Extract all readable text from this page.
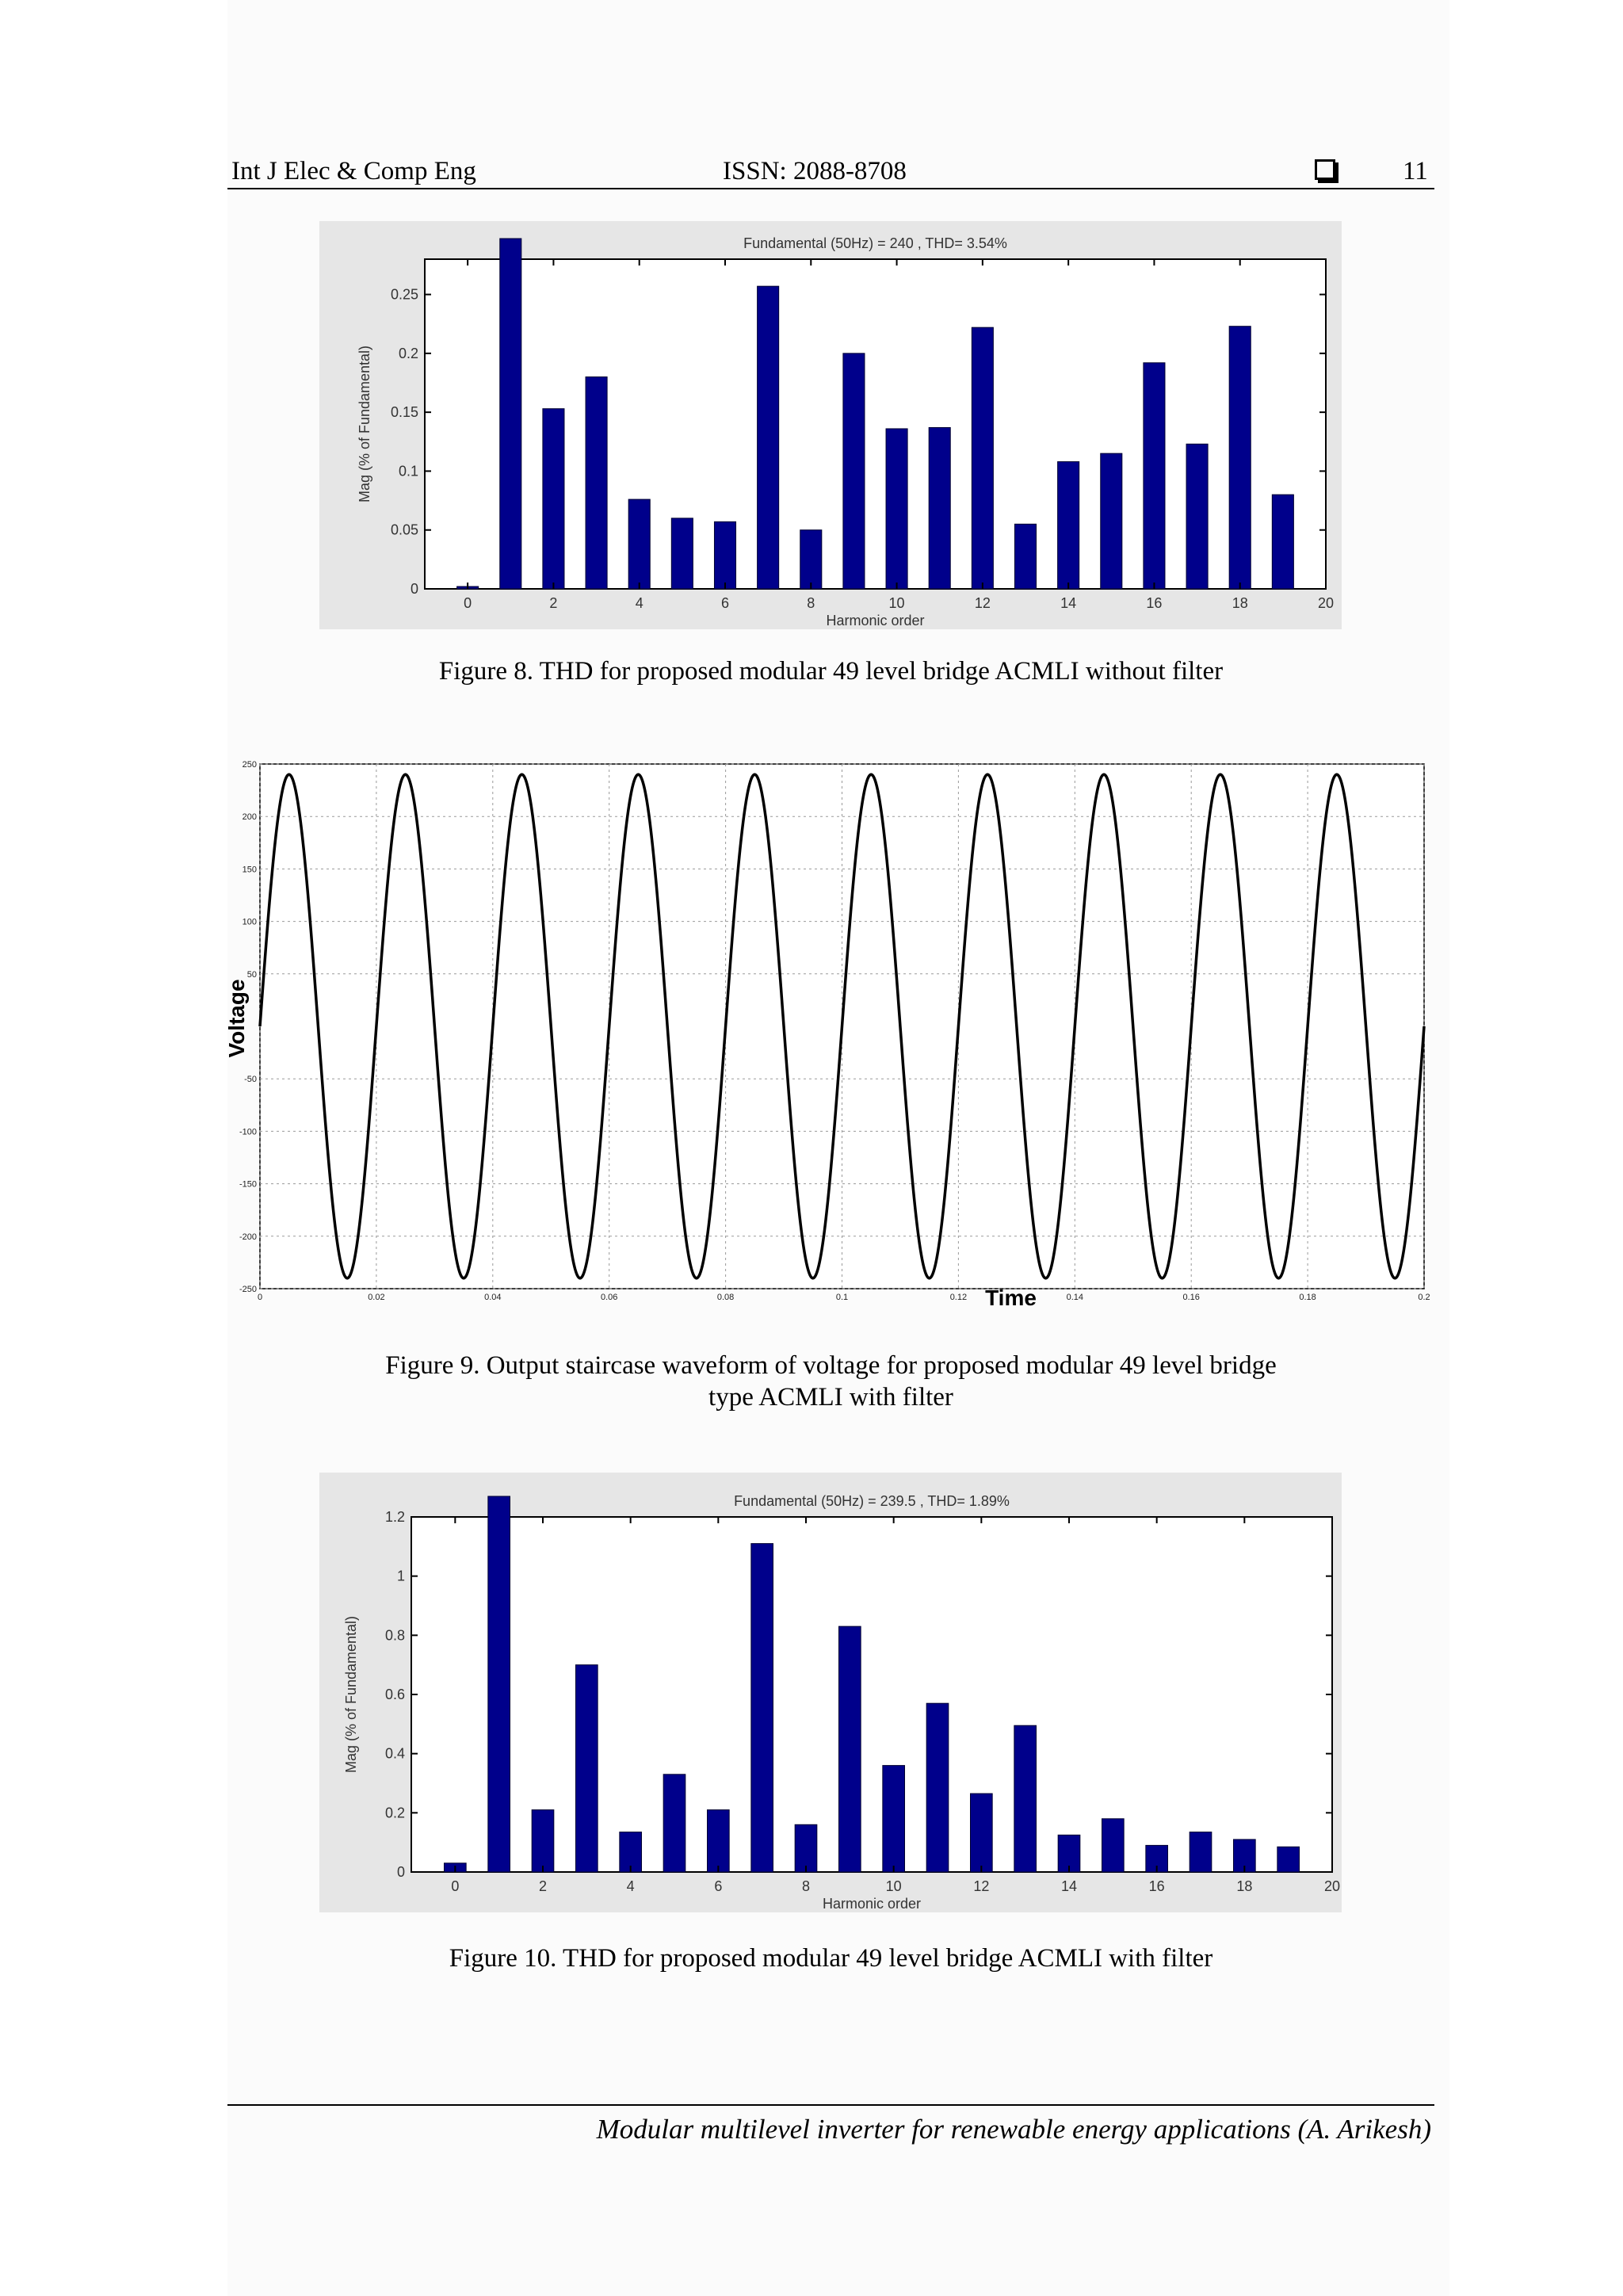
Int J Elec & Comp Eng	ISSN: 2088-8708	11
0	2	4	6	8	10	12	14	16	18	20
0
0.05
0.1
0.15
0.2
0.25
Fundamental (50Hz) = 240 , THD= 3.54%
Harmonic order
Mag (% of Fundamental)
Figure 8. THD for proposed modular 49 level bridge ACMLI without filter
0	0.02	0.04	0.06	0.08	0.1	0.12	0.14	0.16	0.18	0.2
250
200
150
100
50
-50
-100
-150
-200
-250	Time
Voltage
Figure 9. Output staircase waveform of voltage for proposed modular 49 level bridge
type ACMLI with filter
0	2	4	6	8	10	12	14	16	18	20
0
0.2
0.4
0.6
0.8
1
1.2
Fundamental (50Hz) = 239.5 , THD= 1.89%
Harmonic order
Mag (% of Fundamental)
Figure 10. THD for proposed modular 49 level bridge ACMLI with filter
Modular multilevel inverter for renewable energy applications (A. Arikesh)
